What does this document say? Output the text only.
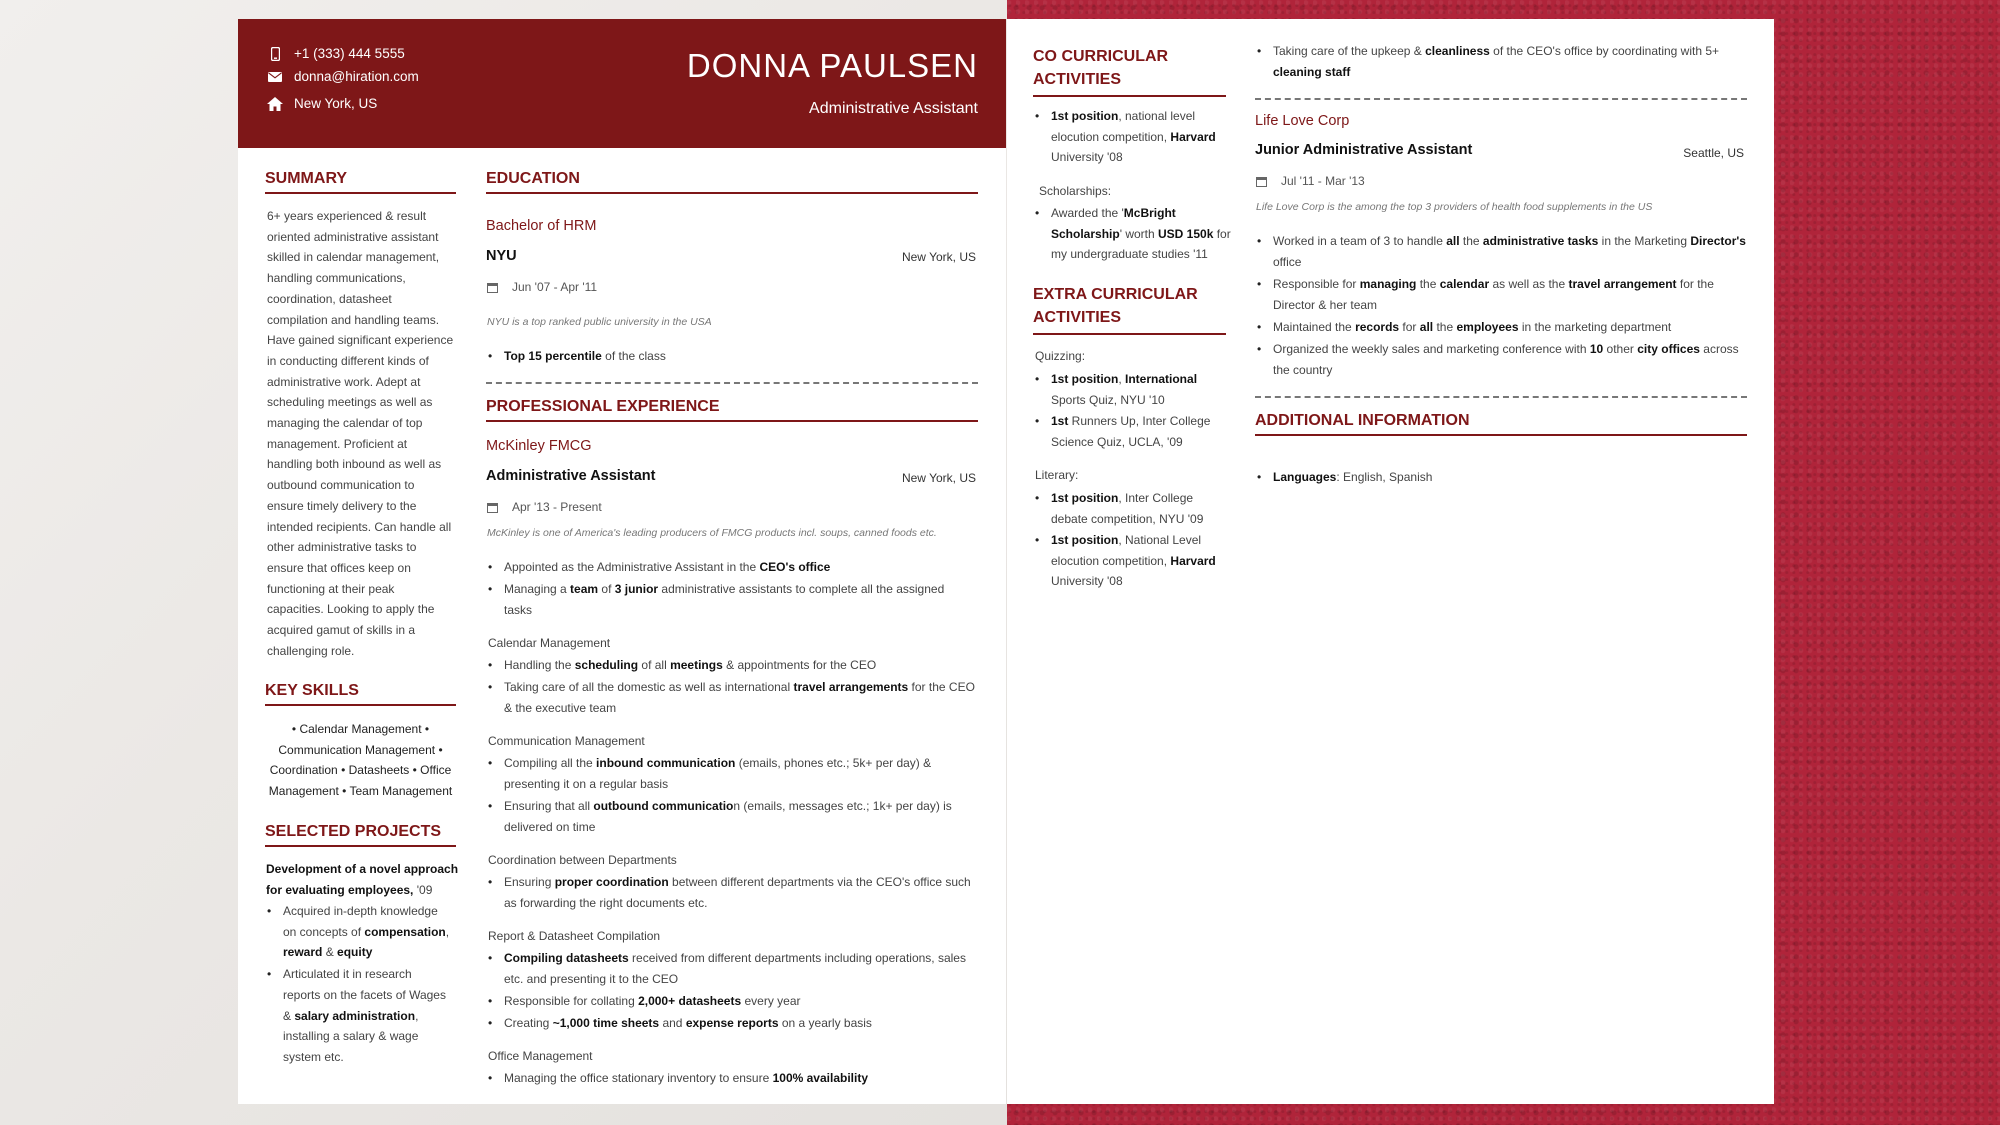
+1 (333) 444 5555
donna@hiration.com
New York, US
DONNA PAULSEN
Administrative Assistant
SUMMARY
6+ years experienced & result
oriented administrative assistant
skilled in calendar management,
handling communications,
coordination, datasheet
compilation and handling teams.
Have gained significant experience
in conducting different kinds of
administrative work. Adept at
scheduling meetings as well as
managing the calendar of top
management. Proficient at
handling both inbound as well as
outbound communication to
ensure timely delivery to the
intended recipients. Can handle all
other administrative tasks to
ensure that offices keep on
functioning at their peak
capacities. Looking to apply the
acquired gamut of skills in a
challenging role.
KEY SKILLS
• Calendar Management •
Communication Management •
Coordination • Datasheets • Office
Management • Team Management
SELECTED PROJECTS
Development of a novel approach
for evaluating employees, '09
• Acquired in-depth knowledge
on concepts of compensation,
reward & equity
• Articulated it in research
reports on the facets of Wages
& salary administration,
installing a salary & wage
system etc.
EDUCATION
Bachelor of HRM
NYU	New York, US
Jun '07 - Apr '11
NYU is a top ranked public university in the USA
• Top 15 percentile of the class
PROFESSIONAL EXPERIENCE
McKinley FMCG
Administrative Assistant	New York, US
Apr '13 - Present
McKinley is one of America's leading producers of FMCG products incl. soups, canned foods etc.
• Appointed as the Administrative Assistant in the CEO's office
• Managing a team of 3 junior administrative assistants to complete all the assigned
tasks
Calendar Management
• Handling the scheduling of all meetings & appointments for the CEO
• Taking care of all the domestic as well as international travel arrangements for the CEO
& the executive team
Communication Management
• Compiling all the inbound communication (emails, phones etc.; 5k+ per day) &
presenting it on a regular basis
• Ensuring that all outbound communication (emails, messages etc.; 1k+ per day) is
delivered on time
Coordination between Departments
• Ensuring proper coordination between different departments via the CEO's office such
as forwarding the right documents etc.
Report & Datasheet Compilation
• Compiling datasheets received from different departments including operations, sales
etc. and presenting it to the CEO
• Responsible for collating 2,000+ datasheets every year
• Creating ~1,000 time sheets and expense reports on a yearly basis
Office Management
• Managing the office stationary inventory to ensure 100% availability
CO CURRICULAR
ACTIVITIES
• 1st position, national level
elocution competition, Harvard
University '08
Scholarships:
• Awarded the 'McBright
Scholarship' worth USD 150k for
my undergraduate studies '11
EXTRA CURRICULAR
ACTIVITIES
Quizzing:
• 1st position, International
Sports Quiz, NYU '10
• 1st Runners Up, Inter College
Science Quiz, UCLA, '09
Literary:
• 1st position, Inter College
debate competition, NYU '09
• 1st position, National Level
elocution competition, Harvard
University '08
• Taking care of the upkeep & cleanliness of the CEO's office by coordinating with 5+
cleaning staff
Life Love Corp
Junior Administrative Assistant	Seattle, US
Jul '11 - Mar '13
Life Love Corp is the among the top 3 providers of health food supplements in the US
• Worked in a team of 3 to handle all the administrative tasks in the Marketing Director's
office
• Responsible for managing the calendar as well as the travel arrangement for the
Director & her team
• Maintained the records for all the employees in the marketing department
• Organized the weekly sales and marketing conference with 10 other city offices across
the country
ADDITIONAL INFORMATION
• Languages: English, Spanish
